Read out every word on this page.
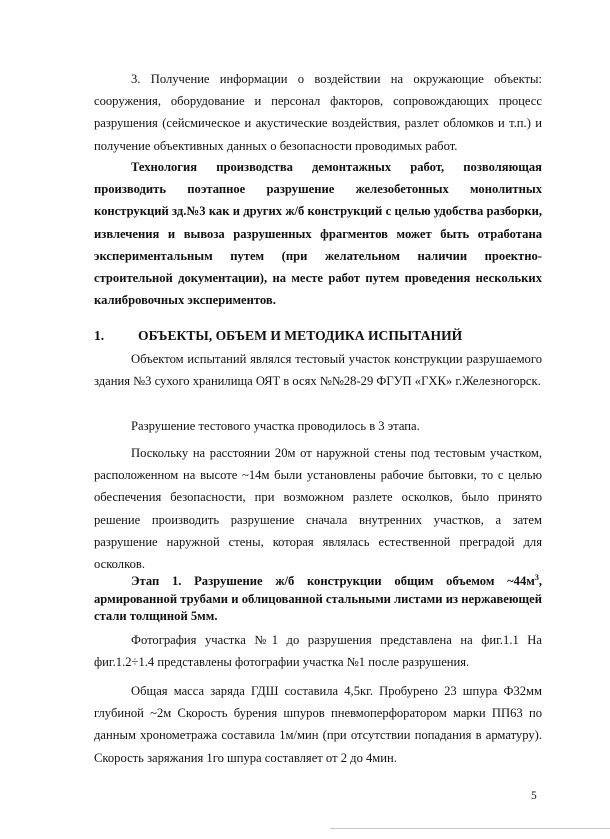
3. Получение информации о воздействии на окружающие объекты: сооружения, оборудование и персонал факторов, сопровождающих процесс разрушения (сейсмическое и акустические воздействия, разлет обломков и т.п.) и получение объективных данных о безопасности проводимых работ.

Технология производства демонтажных работ, позволяющая производить поэтапное разрушение железобетонных монолитных конструкций зд.№3 как и других ж/б конструкций с целью удобства разборки, извлечения и вывоза разрушенных фрагментов может быть отработана экспериментальным путем (при желательном наличии проектно-строительной документации), на месте работ путем проведения нескольких калибровочных экспериментов.

1. ОБЪЕКТЫ, ОБЪЕМ И МЕТОДИКА ИСПЫТАНИЙ

Объектом испытаний являлся тестовый участок конструкции разрушаемого здания №3 сухого хранилища ОЯТ в осях №№28-29 ФГУП «ГХК» г.Железногорск.

Разрушение тестового участка проводилось в 3 этапа.

Поскольку на расстоянии 20м от наружной стены под тестовым участком, расположенном на высоте ~14м были установлены рабочие бытовки, то с целью обеспечения безопасности, при возможном разлете осколков, было принято решение производить разрушение сначала внутренних участков, а затем разрушение наружной стены, которая являлась естественной преградой для осколков.

Этап 1. Разрушение ж/б конструкции общим объемом $\sim 44м^3$, армированной трубами и облицованной стальными листами из нержавеющей стали толщиной 5мм.

Фотография участка №1 до разрушения представлена на фиг.1.1 На фиг.1.2÷1.4 представлены фотографии участка №1 после разрушения.

Общая масса заряда ГДШ составила 4,5кг. Пробурено 23 шпура Ф32мм глубиной ~2м Скорость бурения шпуров пневмоперфоратором марки ПП63 по данным хронометража составила 1м/мин (при отсутствии попадания в арматуру). Скорость заряжания 1го шпура составляет от 2 до 4мин.

5
